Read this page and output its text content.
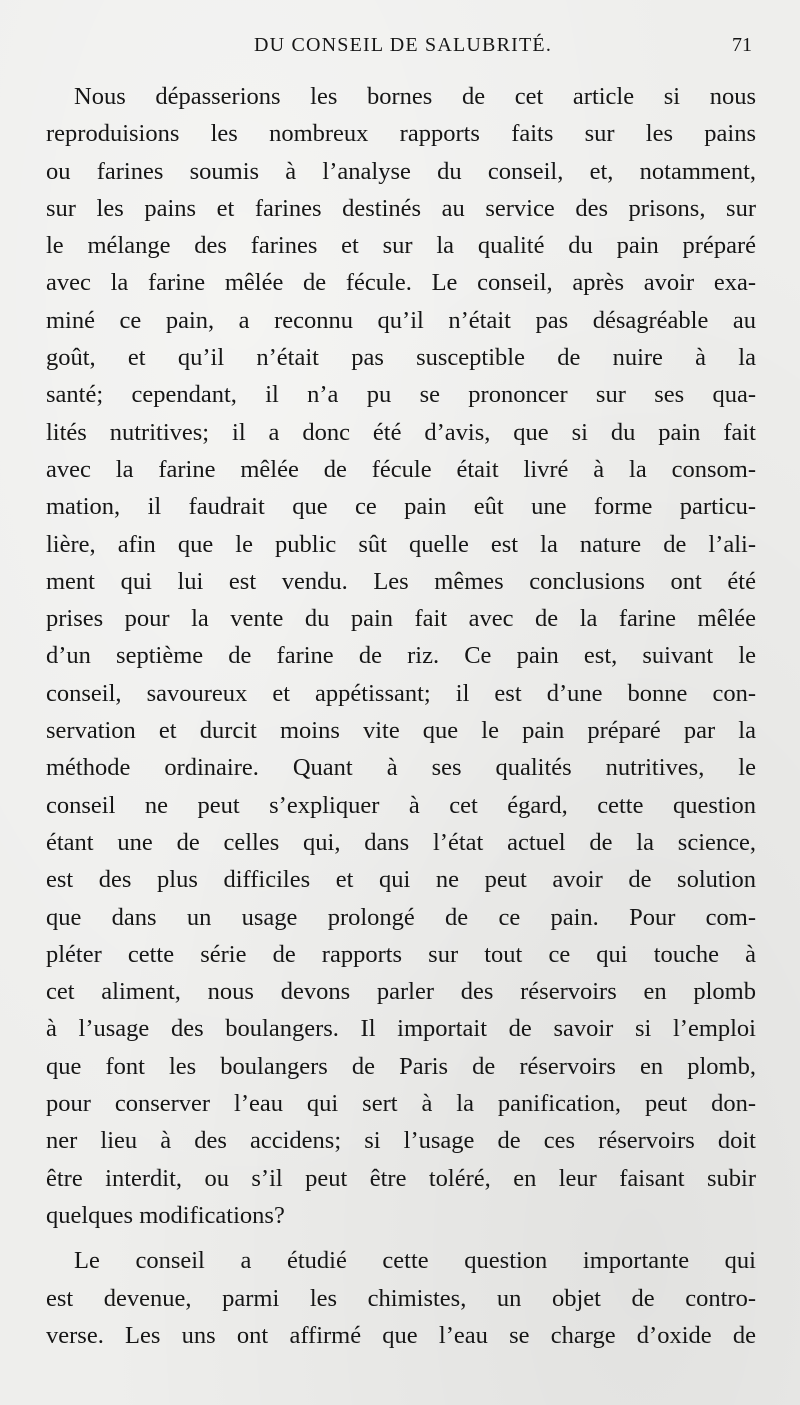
DU CONSEIL DE SALUBRITÉ.	71
Nous dépasserions les bornes de cet article si nous
reproduisions les nombreux rapports faits sur les pains
ou farines soumis à l’analyse du conseil, et, notamment,
sur les pains et farines destinés au service des prisons, sur
le mélange des farines et sur la qualité du pain préparé
avec la farine mêlée de fécule. Le conseil, après avoir exa-
miné ce pain, a reconnu qu’il n’était pas désagréable au
goût, et qu’il n’était pas susceptible de nuire à la
santé; cependant, il n’a pu se prononcer sur ses qua-
lités nutritives; il a donc été d’avis, que si du pain fait
avec la farine mêlée de fécule était livré à la consom-
mation, il faudrait que ce pain eût une forme particu-
lière, afin que le public sût quelle est la nature de l’ali-
ment qui lui est vendu. Les mêmes conclusions ont été
prises pour la vente du pain fait avec de la farine mêlée
d’un septième de farine de riz. Ce pain est, suivant le
conseil, savoureux et appétissant; il est d’une bonne con-
servation et durcit moins vite que le pain préparé par la
méthode ordinaire. Quant à ses qualités nutritives, le
conseil ne peut s’expliquer à cet égard, cette question
étant une de celles qui, dans l’état actuel de la science,
est des plus difficiles et qui ne peut avoir de solution
que dans un usage prolongé de ce pain. Pour com-
pléter cette série de rapports sur tout ce qui touche à
cet aliment, nous devons parler des réservoirs en plomb
à l’usage des boulangers. Il importait de savoir si l’emploi
que font les boulangers de Paris de réservoirs en plomb,
pour conserver l’eau qui sert à la panification, peut don-
ner lieu à des accidens; si l’usage de ces réservoirs doit
être interdit, ou s’il peut être toléré, en leur faisant subir
quelques modifications?
Le conseil a étudié cette question importante qui
est devenue, parmi les chimistes, un objet de contro-
verse. Les uns ont affirmé que l’eau se charge d’oxide de
